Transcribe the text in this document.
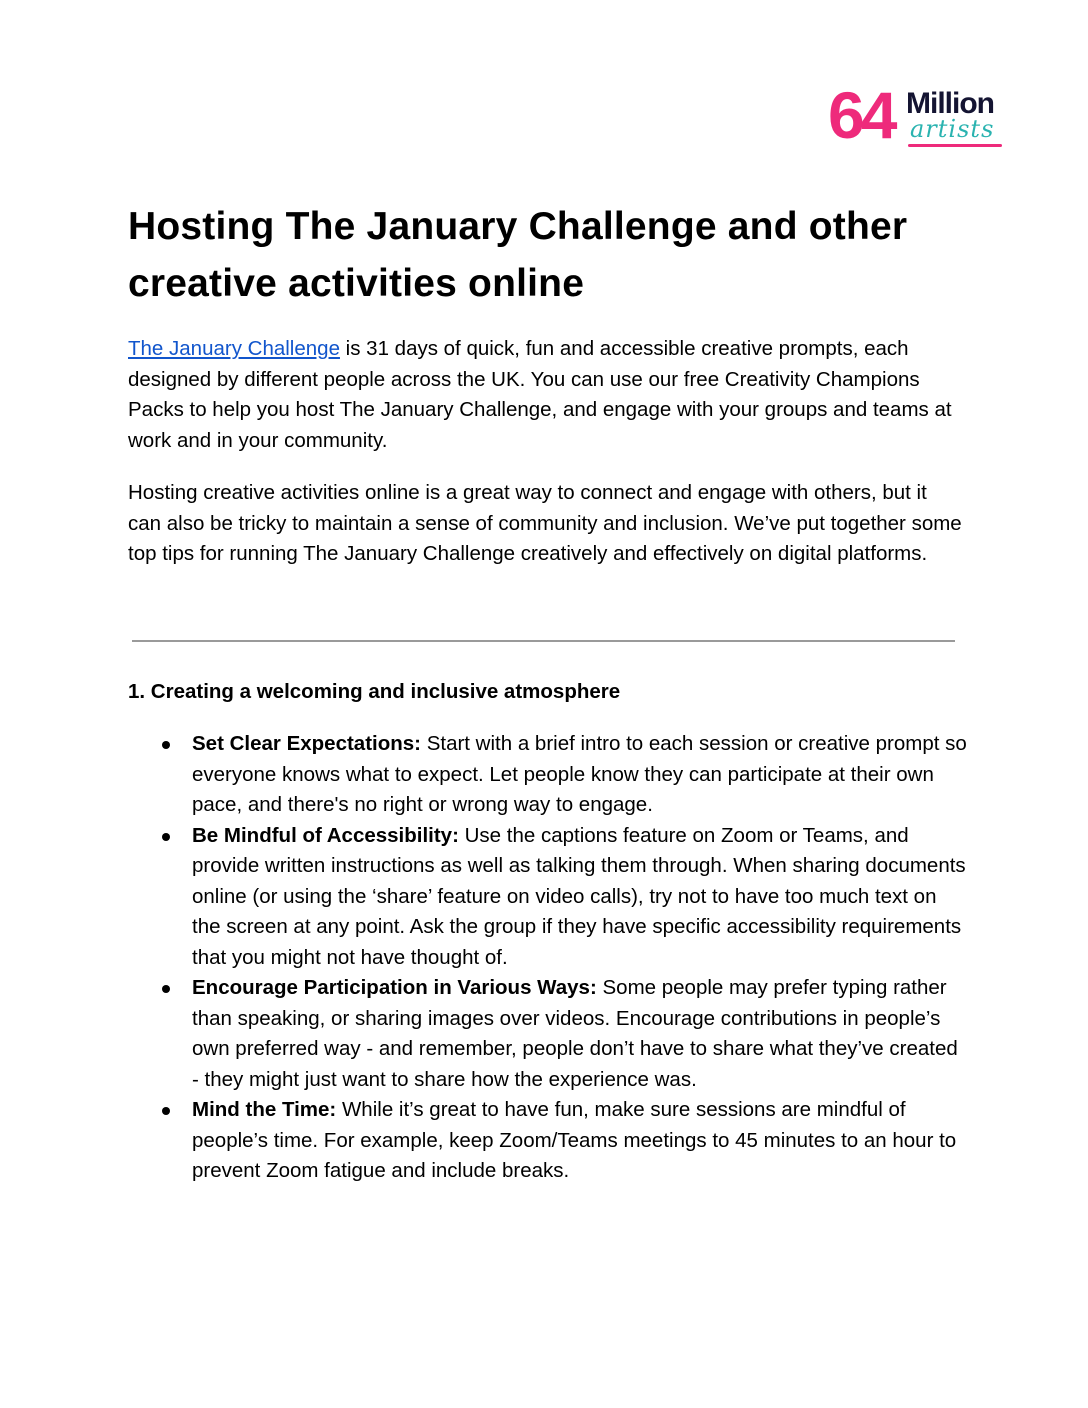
64 Million
artists
Hosting The January Challenge and other creative activities online

The January Challenge is 31 days of quick, fun and accessible creative prompts, each designed by different people across the UK. You can use our free Creativity Champions Packs to help you host The January Challenge, and engage with your groups and teams at work and in your community.

Hosting creative activities online is a great way to connect and engage with others, but it can also be tricky to maintain a sense of community and inclusion. We’ve put together some top tips for running The January Challenge creatively and effectively on digital platforms.

1. Creating a welcoming and inclusive atmosphere
Set Clear Expectations: Start with a brief intro to each session or creative prompt so everyone knows what to expect. Let people know they can participate at their own pace, and there's no right or wrong way to engage.
Be Mindful of Accessibility: Use the captions feature on Zoom or Teams, and provide written instructions as well as talking them through. When sharing documents online (or using the ‘share’ feature on video calls), try not to have too much text on the screen at any point. Ask the group if they have specific accessibility requirements that you might not have thought of.
Encourage Participation in Various Ways: Some people may prefer typing rather than speaking, or sharing images over videos. Encourage contributions in people’s own preferred way - and remember, people don’t have to share what they’ve created - they might just want to share how the experience was.
Mind the Time: While it’s great to have fun, make sure sessions are mindful of people’s time. For example, keep Zoom/Teams meetings to 45 minutes to an hour to prevent Zoom fatigue and include breaks.
